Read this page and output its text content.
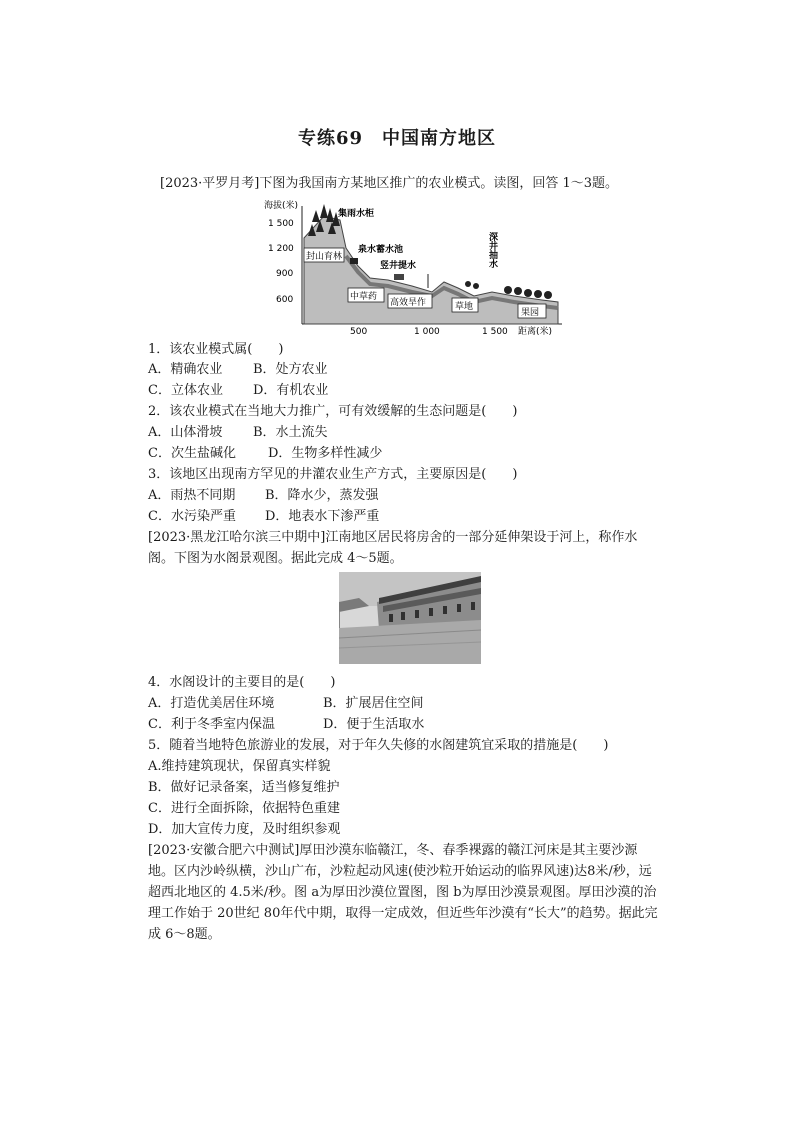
专练69　中国南方地区
[2023·平罗月考]下图为我国南方某地区推广的农业模式。读图，回答 1～3题。
海拔(米)
1 500
1 200
900
600
500	1 000	1 500 距离(米)
封山育林
集雨水柜
泉水蓄水池
竖井提水
中草药
高效旱作	草地
深井抽水
果园
1．该农业模式属(　　)
A．精确农业 B．处方农业
C．立体农业 D．有机农业
2．该农业模式在当地大力推广，可有效缓解的生态问题是(　　)
A．山体滑坡 B．水土流失
C．次生盐碱化 D．生物多样性减少
3．该地区出现南方罕见的井灌农业生产方式，主要原因是(　　)
A．雨热不同期 B．降水少，蒸发强
C．水污染严重 D．地表水下渗严重
[2023·黑龙江哈尔滨三中期中]江南地区居民将房舍的一部分延伸架设于河上，称作水
阁。下图为水阁景观图。据此完成 4～5题。
4．水阁设计的主要目的是(　　)
A．打造优美居住环境	B．扩展居住空间
C．利于冬季室内保温	D．便于生活取水
5．随着当地特色旅游业的发展，对于年久失修的水阁建筑宜采取的措施是(　　)
A.维持建筑现状，保留真实样貌
B．做好记录备案，适当修复维护
C．进行全面拆除，依据特色重建
D．加大宣传力度，及时组织参观
[2023·安徽合肥六中测试]厚田沙漠东临赣江，冬、春季裸露的赣江河床是其主要沙源
地。区内沙岭纵横，沙山广布，沙粒起动风速(使沙粒开始运动的临界风速)达8米/秒，远
超西北地区的 4.5米/秒。图 a为厚田沙漠位置图，图 b为厚田沙漠景观图。厚田沙漠的治
理工作始于 20世纪 80年代中期，取得一定成效，但近些年沙漠有“长大”的趋势。据此完
成 6～8题。
